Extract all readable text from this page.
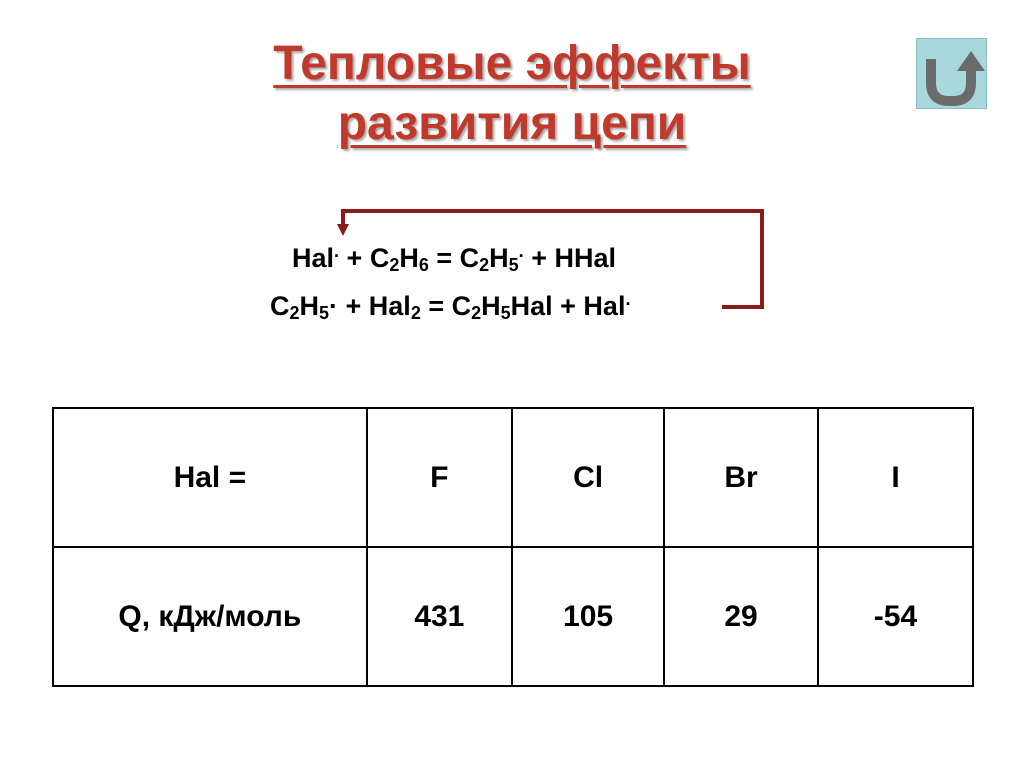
Тепловые эффекты
развития цепи
$Hal^. + C_2H_6 = C_2H_5^.$ + HHal
$C_2H_5\cdot + Hal_2 = C_2H_5Hal + Hal^.$
Hal =	F	Cl	Br	I
Q, кДж/моль	431	105	29	-54
